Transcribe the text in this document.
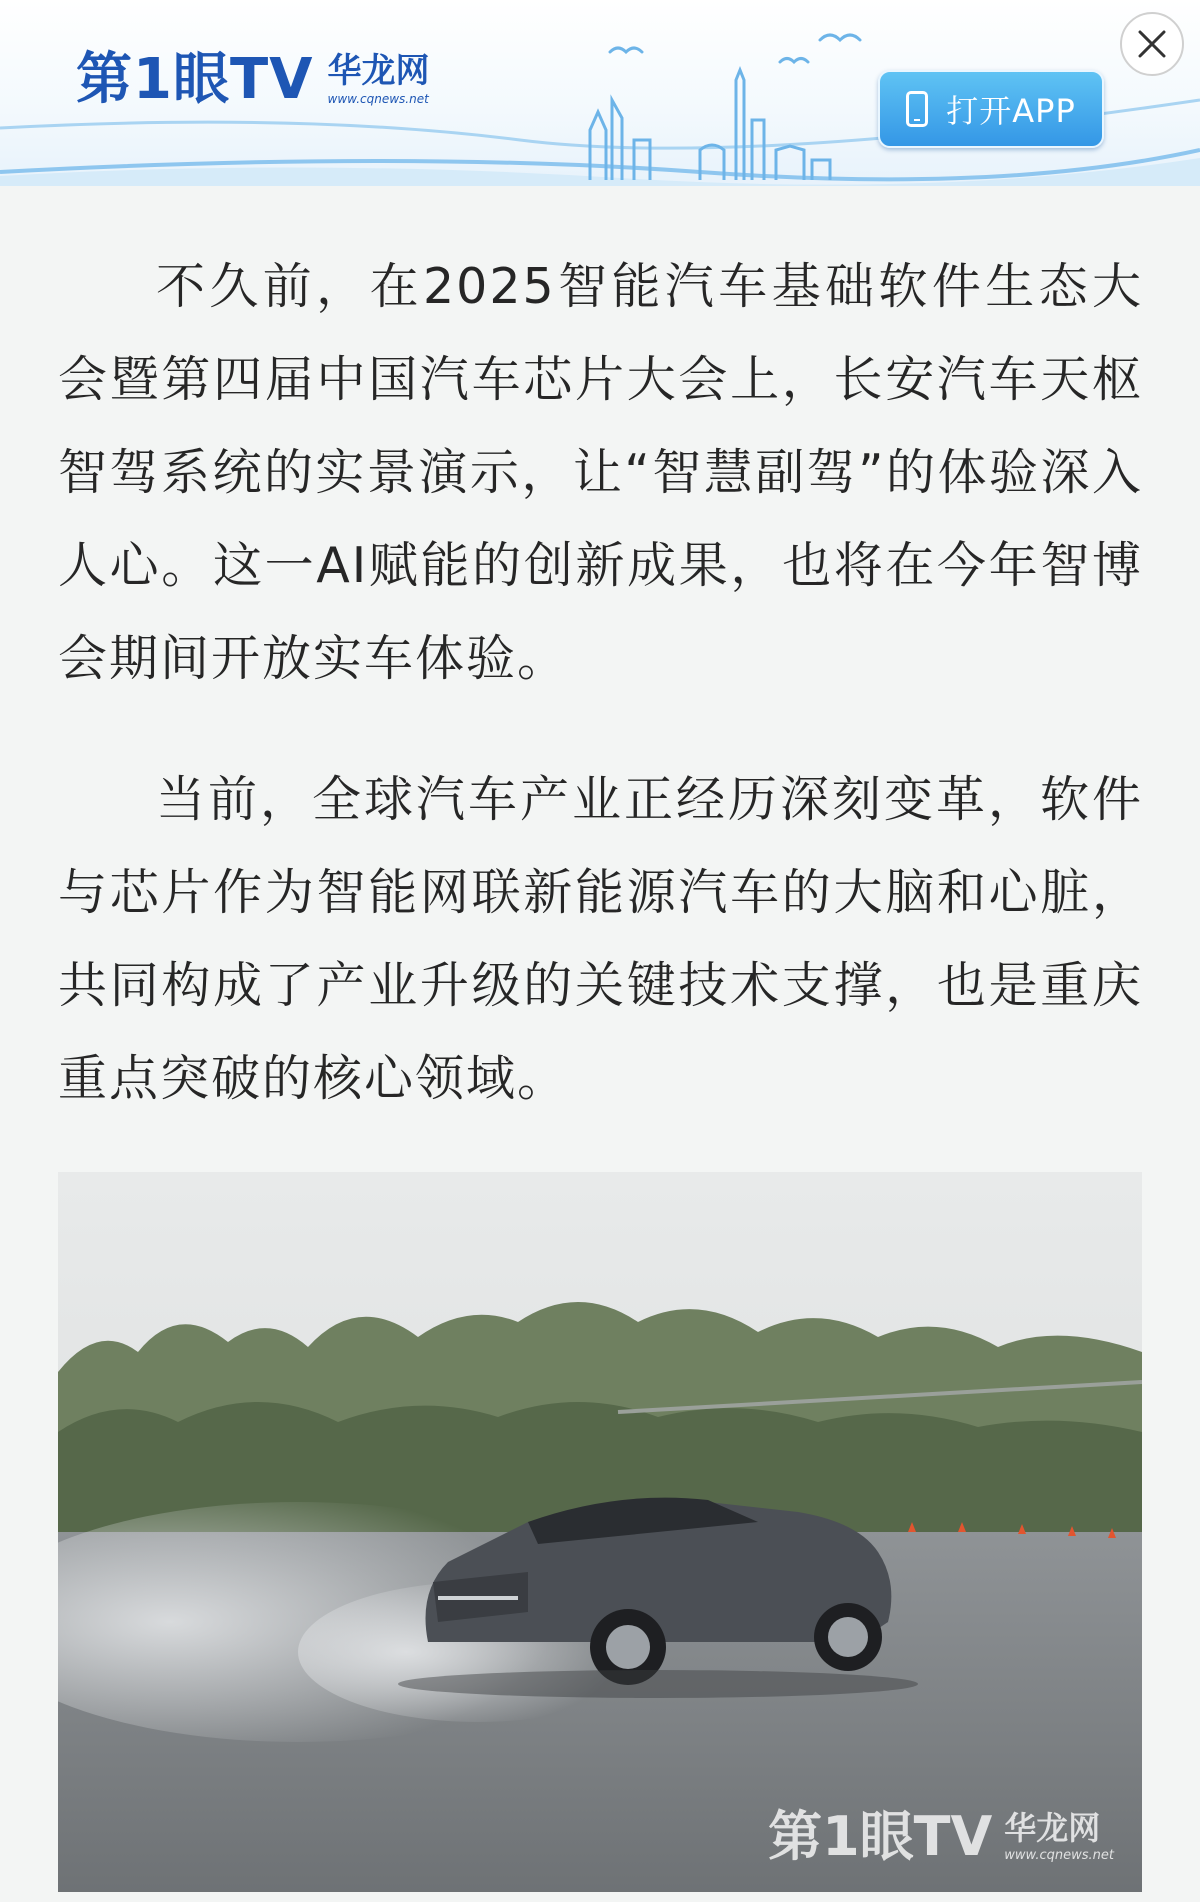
第1眼TV 华龙网
www.cqnews.net	打开APP

不久前，在2025智能汽车基础软件生态大会暨第四届中国汽车芯片大会上，长安汽车天枢智驾系统的实景演示，让“智慧副驾”的体验深入人心。这一AI赋能的创新成果，也将在今年智博会期间开放实车体验。

当前，全球汽车产业正经历深刻变革，软件与芯片作为智能网联新能源汽车的大脑和心脏，共同构成了产业升级的关键技术支撑，也是重庆重点突破的核心领域。

第1眼TV 华龙网
www.cqnews.net
